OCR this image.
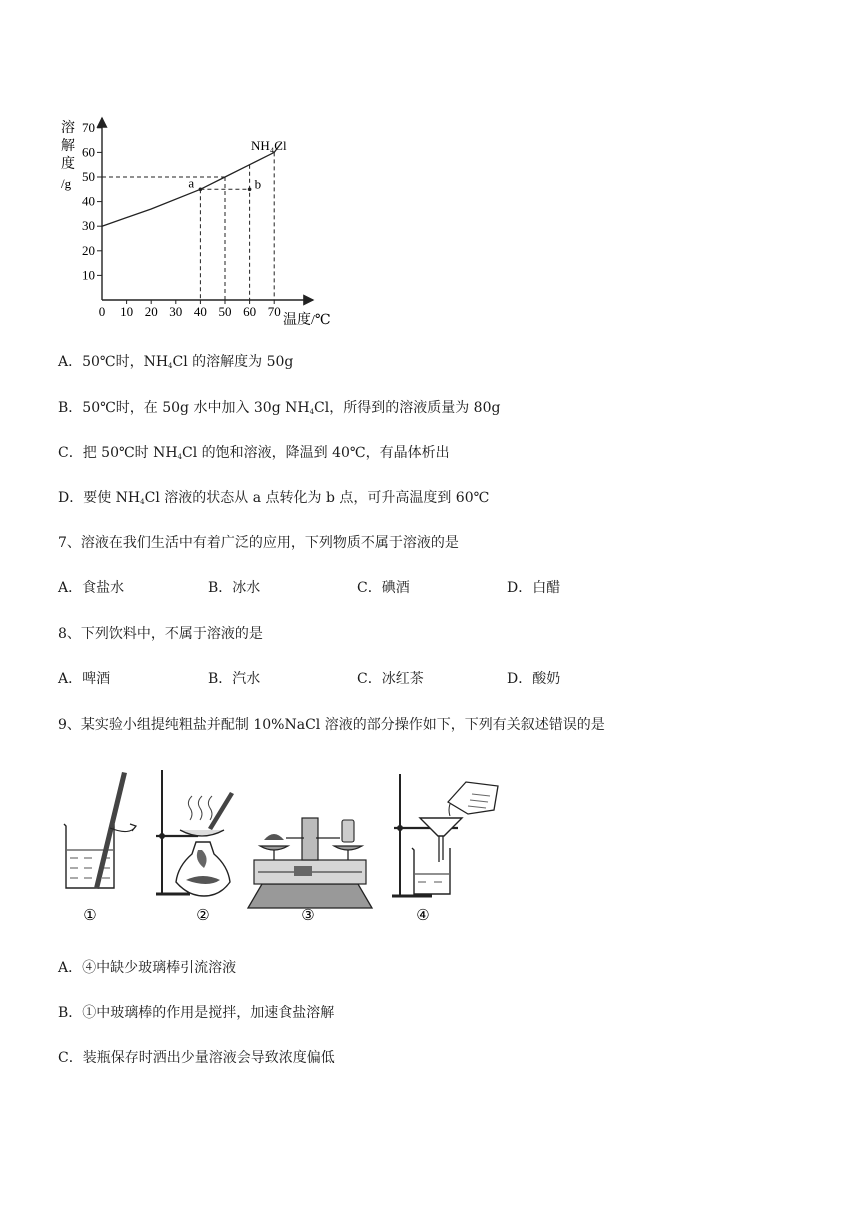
溶
解
度
/g
10
20
30
40
50
60
70
0 10 20 30 40 50 60 70
a	b
NH₄Cl
温度/℃
A．50℃时，$NH_4Cl$ 的溶解度为 50g
B．50℃时，在 50g 水中加入 30g $NH_4Cl$，所得到的溶液质量为 80g
C．把 50℃时 $NH_4Cl$ 的饱和溶液，降温到 40℃，有晶体析出
D．要使 $NH_4Cl$ 溶液的状态从 a 点转化为 b 点，可升高温度到 60℃
7、溶液在我们生活中有着广泛的应用，下列物质不属于溶液的是
A．食盐水	B．冰水	C．碘酒	D．白醋
8、下列饮料中，不属于溶液的是
A．啤酒	B．汽水	C．冰红茶	D．酸奶
9、某实验小组提纯粗盐并配制 10%NaCl 溶液的部分操作如下，下列有关叙述错误的是
①	②	③	④
A．④中缺少玻璃棒引流溶液
B．①中玻璃棒的作用是搅拌，加速食盐溶解
C．装瓶保存时洒出少量溶液会导致浓度偏低
